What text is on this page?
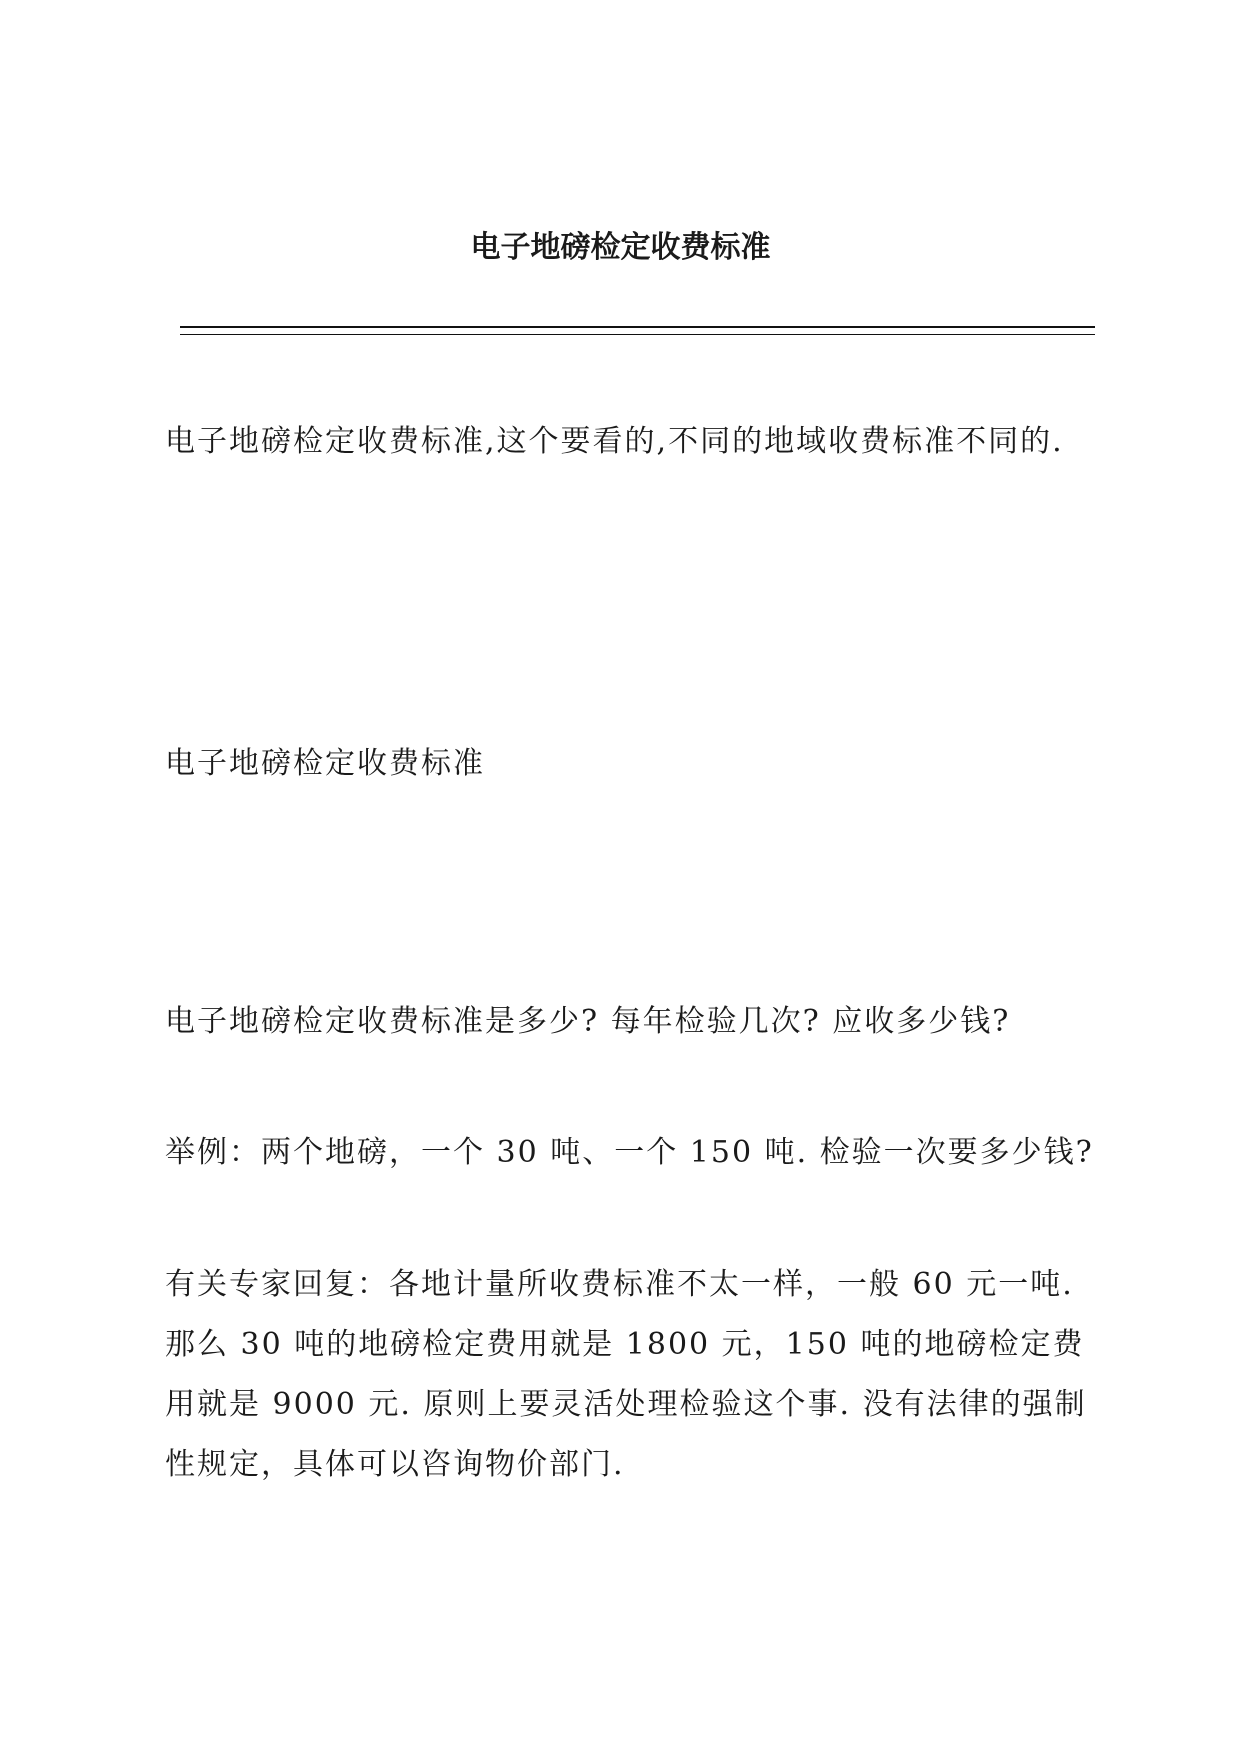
电子地磅检定收费标准

电子地磅检定收费标准,这个要看的,不同的地域收费标准不同的.

电子地磅检定收费标准

电子地磅检定收费标准是多少? 每年检验几次? 应收多少钱?

举例：两个地磅，一个 30 吨、一个 150 吨. 检验一次要多少钱?

有关专家回复：各地计量所收费标准不太一样，一般 60 元一吨. 那么 30 吨的地磅检定费用就是 1800 元，150 吨的地磅检定费用就是 9000 元. 原则上要灵活处理检验这个事. 没有法律的强制性规定，具体可以咨询物价部门.
